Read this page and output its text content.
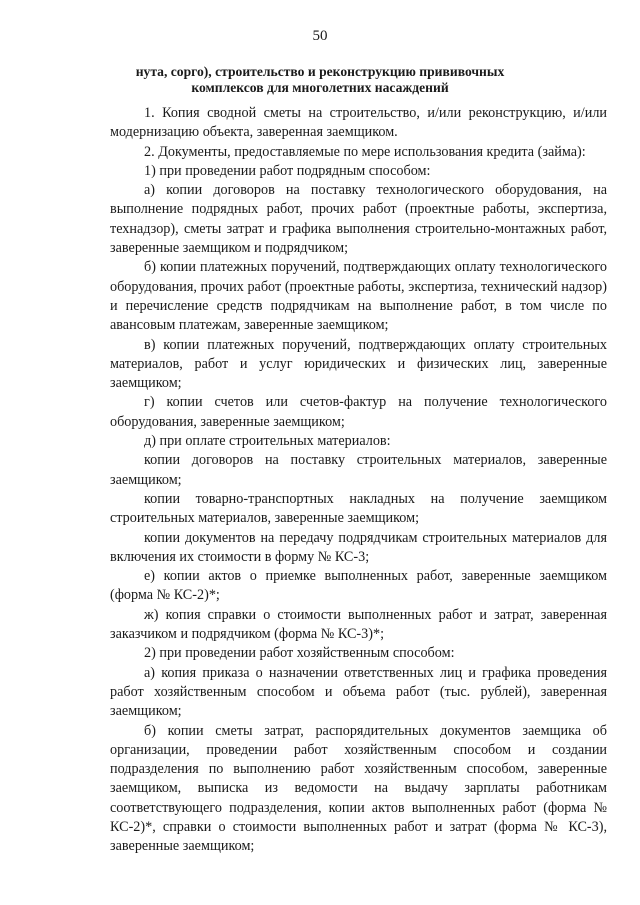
50
нута, сорго), строительство и реконструкцию прививочных комплексов для многолетних насаждений

1. Копия сводной сметы на строительство, и/или реконструкцию, и/или модернизацию объекта, заверенная заемщиком.

2. Документы, предоставляемые по мере использования кредита (займа):

1) при проведении работ подрядным способом:

а) копии договоров на поставку технологического оборудования, на выполнение подрядных работ, прочих работ (проектные работы, экспертиза, технадзор), сметы затрат и графика выполнения строительно-монтажных работ, заверенные заемщиком и подрядчиком;

б) копии платежных поручений, подтверждающих оплату технологического оборудования, прочих работ (проектные работы, экспертиза, технический надзор) и перечисление средств подрядчикам на выполнение работ, в том числе по авансовым платежам, заверенные заемщиком;

в) копии платежных поручений, подтверждающих оплату строительных материалов, работ и услуг юридических и физических лиц, заверенные заемщиком;

г) копии счетов или счетов-фактур на получение технологического оборудования, заверенные заемщиком;

д) при оплате строительных материалов:

копии договоров на поставку строительных материалов, заверенные заемщиком;

копии товарно-транспортных накладных на получение заемщиком строительных материалов, заверенные заемщиком;

копии документов на передачу подрядчикам строительных материалов для включения их стоимости в форму № КС-3;

е) копии актов о приемке выполненных работ, заверенные заемщиком (форма № КС-2)*;

ж) копия справки о стоимости выполненных работ и затрат, заверенная заказчиком и подрядчиком (форма № КС-3)*;

2) при проведении работ хозяйственным способом:

а) копия приказа о назначении ответственных лиц и графика проведения работ хозяйственным способом и объема работ (тыс. рублей), заверенная заемщиком;

б) копии сметы затрат, распорядительных документов заемщика об организации, проведении работ хозяйственным способом и создании подразделения по выполнению работ хозяйственным способом, заверенные заемщиком, выписка из ведомости на выдачу зарплаты работникам соответствующего подразделения, копии актов выполненных работ (форма № КС-2)*, справки о стоимости выполненных работ и затрат (форма № КС-3), заверенные заемщиком;
